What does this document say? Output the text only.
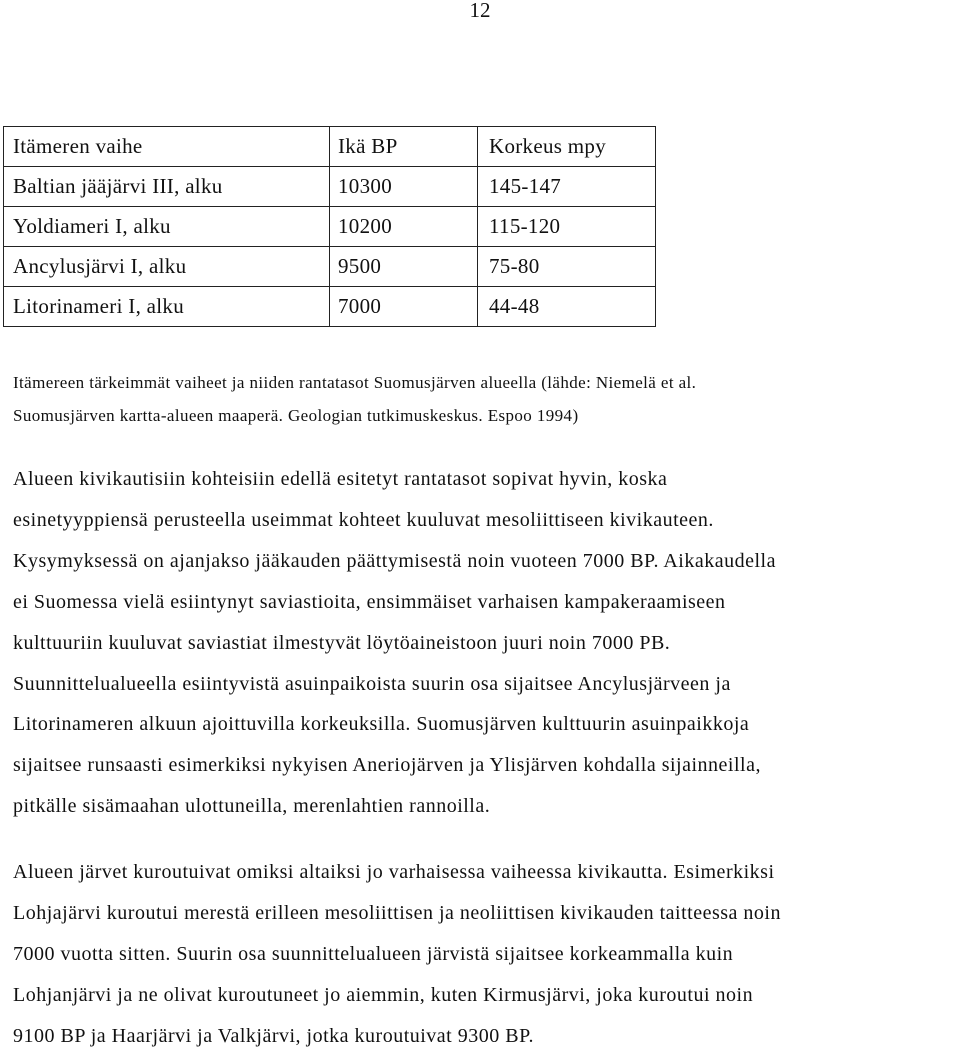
12
Itämeren vaihe	Ikä BP	Korkeus mpy
Baltian jääjärvi III, alku	10300	145-147
Yoldiameri I, alku	10200	115-120
Ancylusjärvi I, alku	9500	75-80
Litorinameri I, alku	7000	44-48

Itämereen tärkeimmät vaiheet ja niiden rantatasot Suomusjärven alueella (lähde: Niemelä et al.

Suomusjärven kartta-alueen maaperä. Geologian tutkimuskeskus. Espoo 1994)

Alueen kivikautisiin kohteisiin edellä esitetyt rantatasot sopivat hyvin, koska

esinetyyppiensä perusteella useimmat kohteet kuuluvat mesoliittiseen kivikauteen.

Kysymyksessä on ajanjakso jääkauden päättymisestä noin vuoteen 7000 BP. Aikakaudella

ei Suomessa vielä esiintynyt saviastioita, ensimmäiset varhaisen kampakeraamiseen

kulttuuriin kuuluvat saviastiat ilmestyvät löytöaineistoon juuri noin 7000 PB.

Suunnittelualueella esiintyvistä asuinpaikoista suurin osa sijaitsee Ancylusjärveen ja

Litorinameren alkuun ajoittuvilla korkeuksilla. Suomusjärven kulttuurin asuinpaikkoja

sijaitsee runsaasti esimerkiksi nykyisen Aneriojärven ja Ylisjärven kohdalla sijainneilla,

pitkälle sisämaahan ulottuneilla, merenlahtien rannoilla.

Alueen järvet kuroutuivat omiksi altaiksi jo varhaisessa vaiheessa kivikautta. Esimerkiksi

Lohjajärvi kuroutui merestä erilleen mesoliittisen ja neoliittisen kivikauden taitteessa noin

7000 vuotta sitten. Suurin osa suunnittelualueen järvistä sijaitsee korkeammalla kuin

Lohjanjärvi ja ne olivat kuroutuneet jo aiemmin, kuten Kirmusjärvi, joka kuroutui noin

9100 BP ja Haarjärvi ja Valkjärvi, jotka kuroutuivat 9300 BP.
